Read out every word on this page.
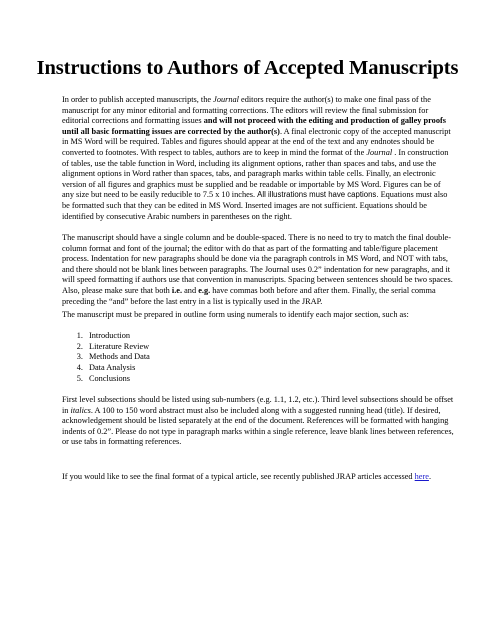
Instructions to Authors of Accepted Manuscripts

In order to publish accepted manuscripts, the Journal editors require the author(s) to make one final pass of the manuscript for any minor editorial and formatting corrections. The editors will review the final submission for editorial corrections and formatting issues and will not proceed with the editing and production of galley proofs until all basic formatting issues are corrected by the author(s). A final electronic copy of the accepted manuscript in MS Word will be required. Tables and figures should appear at the end of the text and any endnotes should be converted to footnotes. With respect to tables, authors are to keep in mind the format of the Journal . In construction of tables, use the table function in Word, including its alignment options, rather than spaces and tabs, and use the alignment options in Word rather than spaces, tabs, and paragraph marks within table cells. Finally, an electronic version of all figures and graphics must be supplied and be readable or importable by MS Word. Figures can be of any size but need to be easily reducible to 7.5 x 10 inches. All illustrations must have captions. Equations must also be formatted such that they can be edited in MS Word. Inserted images are not sufficient. Equations should be identified by consecutive Arabic numbers in parentheses on the right.

The manuscript should have a single column and be double-spaced. There is no need to try to match the final double-column format and font of the journal; the editor with do that as part of the formatting and table/figure placement process. Indentation for new paragraphs should be done via the paragraph controls in MS Word, and NOT with tabs, and there should not be blank lines between paragraphs. The Journal uses 0.2” indentation for new paragraphs, and it will speed formatting if authors use that convention in manuscripts. Spacing between sentences should be two spaces. Also, please make sure that both i.e. and e.g. have commas both before and after them. Finally, the serial comma preceding the “and” before the last entry in a list is typically used in the JRAP.

The manuscript must be prepared in outline form using numerals to identify each major section, such as:

1. Introduction
2. Literature Review
3. Methods and Data
4. Data Analysis
5. Conclusions

First level subsections should be listed using sub-numbers (e.g. 1.1, 1.2, etc.). Third level subsections should be offset in italics. A 100 to 150 word abstract must also be included along with a suggested running head (title). If desired, acknowledgement should be listed separately at the end of the document. References will be formatted with hanging indents of 0.2”. Please do not type in paragraph marks within a single reference, leave blank lines between references, or use tabs in formatting references.

If you would like to see the final format of a typical article, see recently published JRAP articles accessed here.
